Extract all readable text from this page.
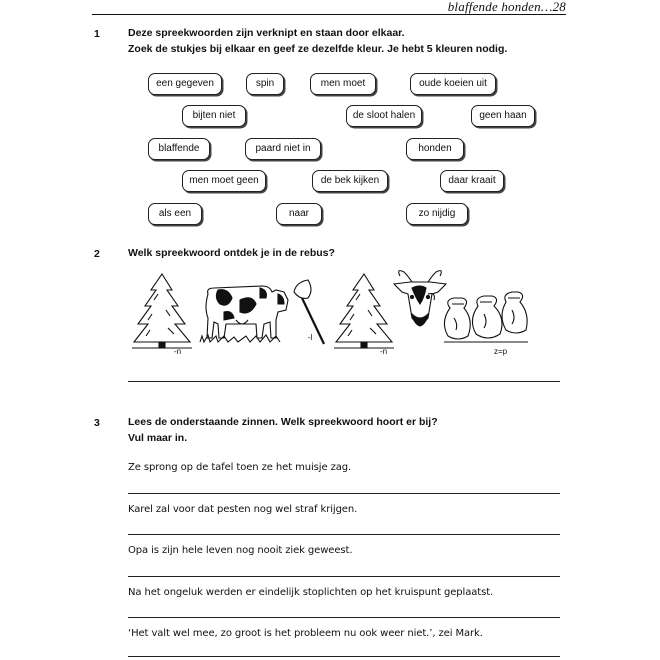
blaffende honden…28
1	Deze spreekwoorden zijn verknipt en staan door elkaar.
Zoek de stukjes bij elkaar en geef ze dezelfde kleur. Je hebt 5 kleuren nodig.
een gegeven	spin	men moet	oude koeien uit
bijten niet	de sloot halen	geen haan
blaffende	paard niet in	honden
men moet geen	de bek kijken	daar kraait
als een	naar	zo nijdig
2	Welk spreekwoord ontdek je in de rebus?
-n
-l
-n	z=p
3	Lees de onderstaande zinnen. Welk spreekwoord hoort er bij?
Vul maar in.
Ze sprong op de tafel toen ze het muisje zag.
Karel zal voor dat pesten nog wel straf krijgen.
Opa is zijn hele leven nog nooit ziek geweest.
Na het ongeluk werden er eindelijk stoplichten op het kruispunt geplaatst.
‘Het valt wel mee, zo groot is het probleem nu ook weer niet.’, zei Mark.
